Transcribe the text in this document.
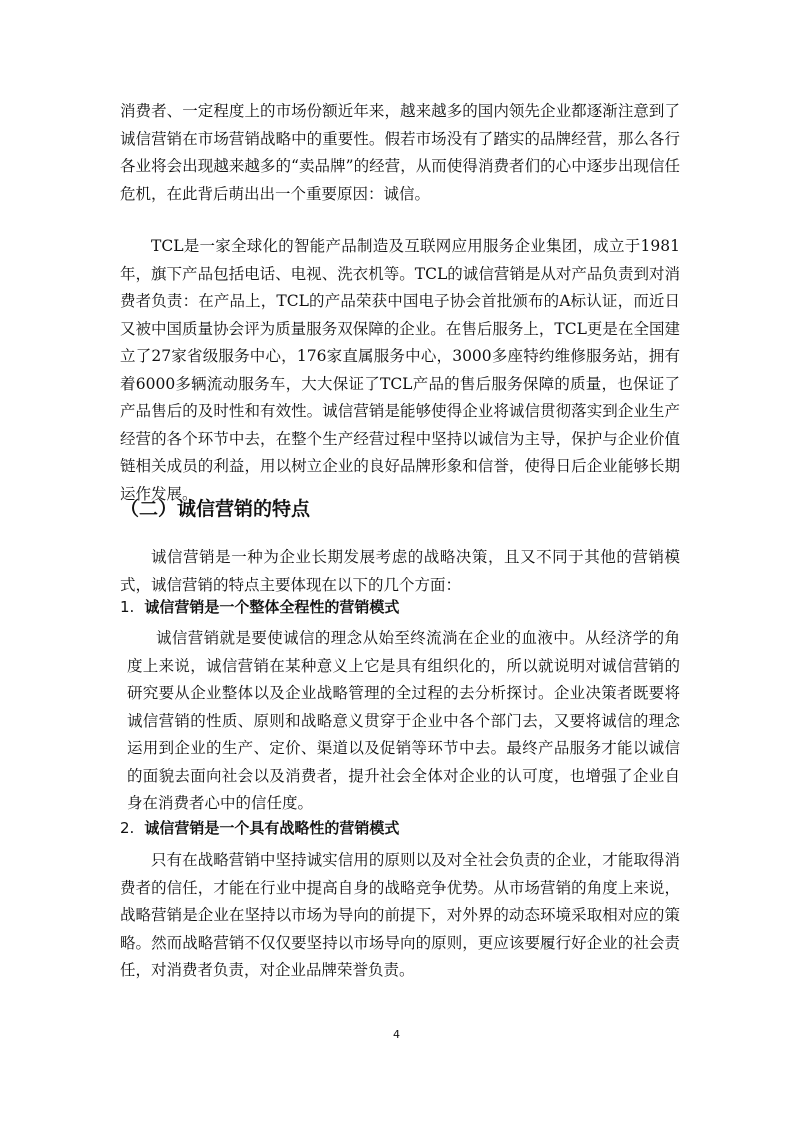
消费者、一定程度上的市场份额近年来，越来越多的国内领先企业都逐渐注意到了诚信营销在市场营销战略中的重要性。假若市场没有了踏实的品牌经营，那么各行各业将会出现越来越多的“卖品牌”的经营，从而使得消费者们的心中逐步出现信任危机，在此背后萌出出一个重要原因：诚信。

TCL是一家全球化的智能产品制造及互联网应用服务企业集团，成立于1981年，旗下产品包括电话、电视、洗衣机等。TCL的诚信营销是从对产品负责到对消费者负责：在产品上，TCL的产品荣获中国电子协会首批颁布的A标认证，而近日又被中国质量协会评为质量服务双保障的企业。在售后服务上，TCL更是在全国建立了27家省级服务中心，176家直属服务中心，3000多座特约维修服务站，拥有着6000多辆流动服务车，大大保证了TCL产品的售后服务保障的质量，也保证了产品售后的及时性和有效性。诚信营销是能够使得企业将诚信贯彻落实到企业生产经营的各个环节中去，在整个生产经营过程中坚持以诚信为主导，保护与企业价值链相关成员的利益，用以树立企业的良好品牌形象和信誉，使得日后企业能够长期运作发展。

（二）诚信营销的特点

诚信营销是一种为企业长期发展考虑的战略决策，且又不同于其他的营销模式，诚信营销的特点主要体现在以下的几个方面：

1. 诚信营销是一个整体全程性的营销模式

诚信营销就是要使诚信的理念从始至终流淌在企业的血液中。从经济学的角度上来说，诚信营销在某种意义上它是具有组织化的，所以就说明对诚信营销的研究要从企业整体以及企业战略管理的全过程的去分析探讨。企业决策者既要将诚信营销的性质、原则和战略意义贯穿于企业中各个部门去，又要将诚信的理念运用到企业的生产、定价、渠道以及促销等环节中去。最终产品服务才能以诚信的面貌去面向社会以及消费者，提升社会全体对企业的认可度，也增强了企业自身在消费者心中的信任度。

2. 诚信营销是一个具有战略性的营销模式

只有在战略营销中坚持诚实信用的原则以及对全社会负责的企业，才能取得消费者的信任，才能在行业中提高自身的战略竞争优势。从市场营销的角度上来说，战略营销是企业在坚持以市场为导向的前提下，对外界的动态环境采取相对应的策略。然而战略营销不仅仅要坚持以市场导向的原则，更应该要履行好企业的社会责任，对消费者负责，对企业品牌荣誉负责。

4
